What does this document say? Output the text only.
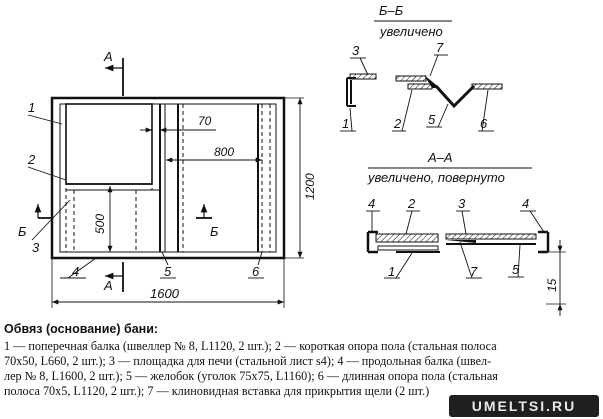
A
A
Б	Б
70
800
500
1200
1600
1
2
3
4	5	6
Б–Б
увеличено
3	7
1	2 5	6
А–А
увеличено, повернуто
4	2	3	4
1	7	5
15
Обвяз (основание) бани:
1 — поперечная балка (швеллер № 8, L1120, 2 шт.); 2 — короткая опора пола (стальная полоса
70x50, L660, 2 шт.); 3 — площадка для печи (стальной лист s4); 4 — продольная балка (швел-
лер № 8, L1600, 2 шт.); 5 — желобок (уголок 75x75, L1160); 6 — длинная опора пола (стальная
полоса 70x5, L1120, 2 шт.); 7 — клиновидная вставка для прикрытия щели (2 шт.)
UMELTSI.RU
